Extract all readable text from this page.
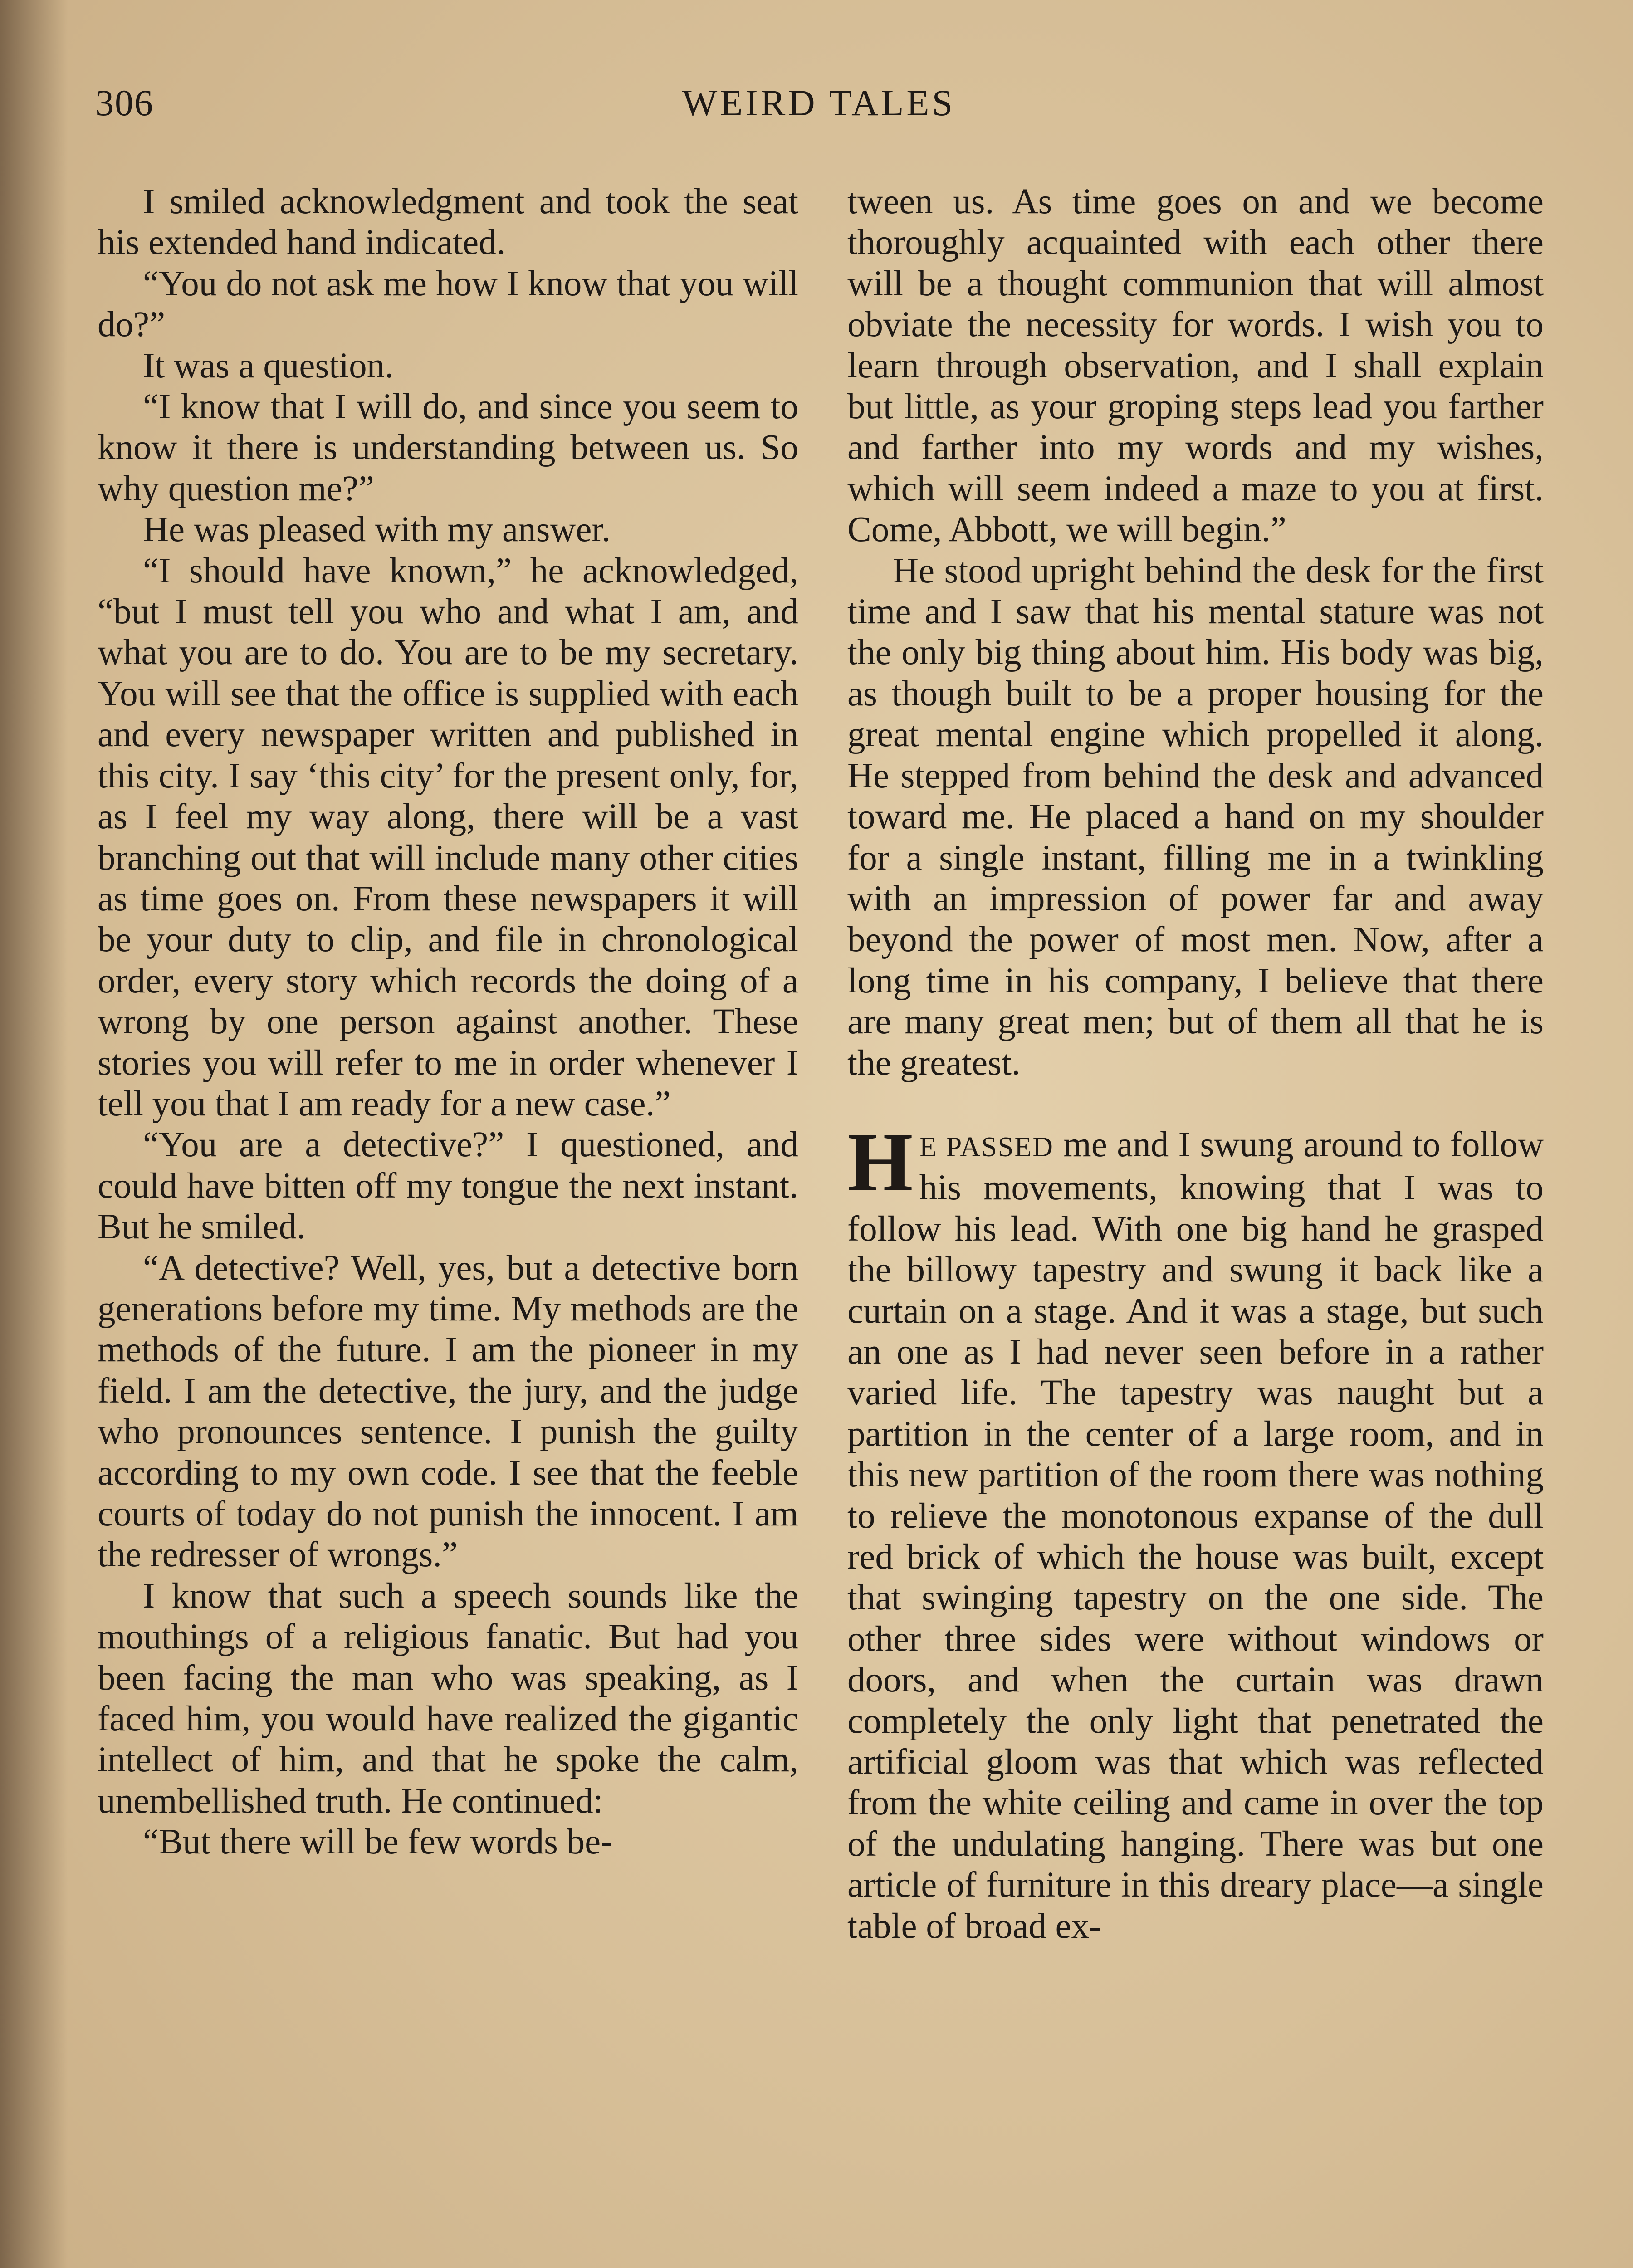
306	WEIRD TALES

I smiled acknowledgment and took the seat his extended hand indicated.

“You do not ask me how I know that you will do?”

It was a question.

“I know that I will do, and since you seem to know it there is understanding between us. So why question me?”

He was pleased with my answer.

“I should have known,” he acknowledged, “but I must tell you who and what I am, and what you are to do. You are to be my secretary. You will see that the office is supplied with each and every newspaper written and published in this city. I say ‘this city’ for the present only, for, as I feel my way along, there will be a vast branching out that will include many other cities as time goes on. From these newspapers it will be your duty to clip, and file in chronological order, every story which records the doing of a wrong by one person against another. These stories you will refer to me in order whenever I tell you that I am ready for a new case.”

“You are a detective?” I questioned, and could have bitten off my tongue the next instant. But he smiled.

“A detective? Well, yes, but a detective born generations before my time. My methods are the methods of the future. I am the pioneer in my field. I am the detective, the jury, and the judge who pronounces sentence. I punish the guilty according to my own code. I see that the feeble courts of today do not punish the innocent. I am the redresser of wrongs.”

I know that such a speech sounds like the mouthings of a religious fanatic. But had you been facing the man who was speaking, as I faced him, you would have realized the gigantic intellect of him, and that he spoke the calm, unembellished truth. He continued:

“But there will be few words be-

tween us. As time goes on and we become thoroughly acquainted with each other there will be a thought communion that will almost obviate the necessity for words. I wish you to learn through observation, and I shall explain but little, as your groping steps lead you farther and farther into my words and my wishes, which will seem indeed a maze to you at first. Come, Abbott, we will begin.”

He stood upright behind the desk for the first time and I saw that his mental stature was not the only big thing about him. His body was big, as though built to be a proper housing for the great mental engine which propelled it along. He stepped from behind the desk and advanced toward me. He placed a hand on my shoulder for a single instant, filling me in a twinkling with an impression of power far and away beyond the power of most men. Now, after a long time in his company, I believe that there are many great men; but of them all that he is the greatest.

H E PASSED me and I swung around to follow his movements, knowing that I was to follow his lead. With one big hand he grasped the billowy tapestry and swung it back like a curtain on a stage. And it was a stage, but such an one as I had never seen before in a rather varied life. The tapestry was naught but a partition in the center of a large room, and in this new partition of the room there was nothing to relieve the monotonous expanse of the dull red brick of which the house was built, except that swinging tapestry on the one side. The other three sides were without windows or doors, and when the curtain was drawn completely the only light that penetrated the artificial gloom was that which was reflected from the white ceiling and came in over the top of the undulating hanging. There was but one article of furniture in this dreary place—a single table of broad ex-
